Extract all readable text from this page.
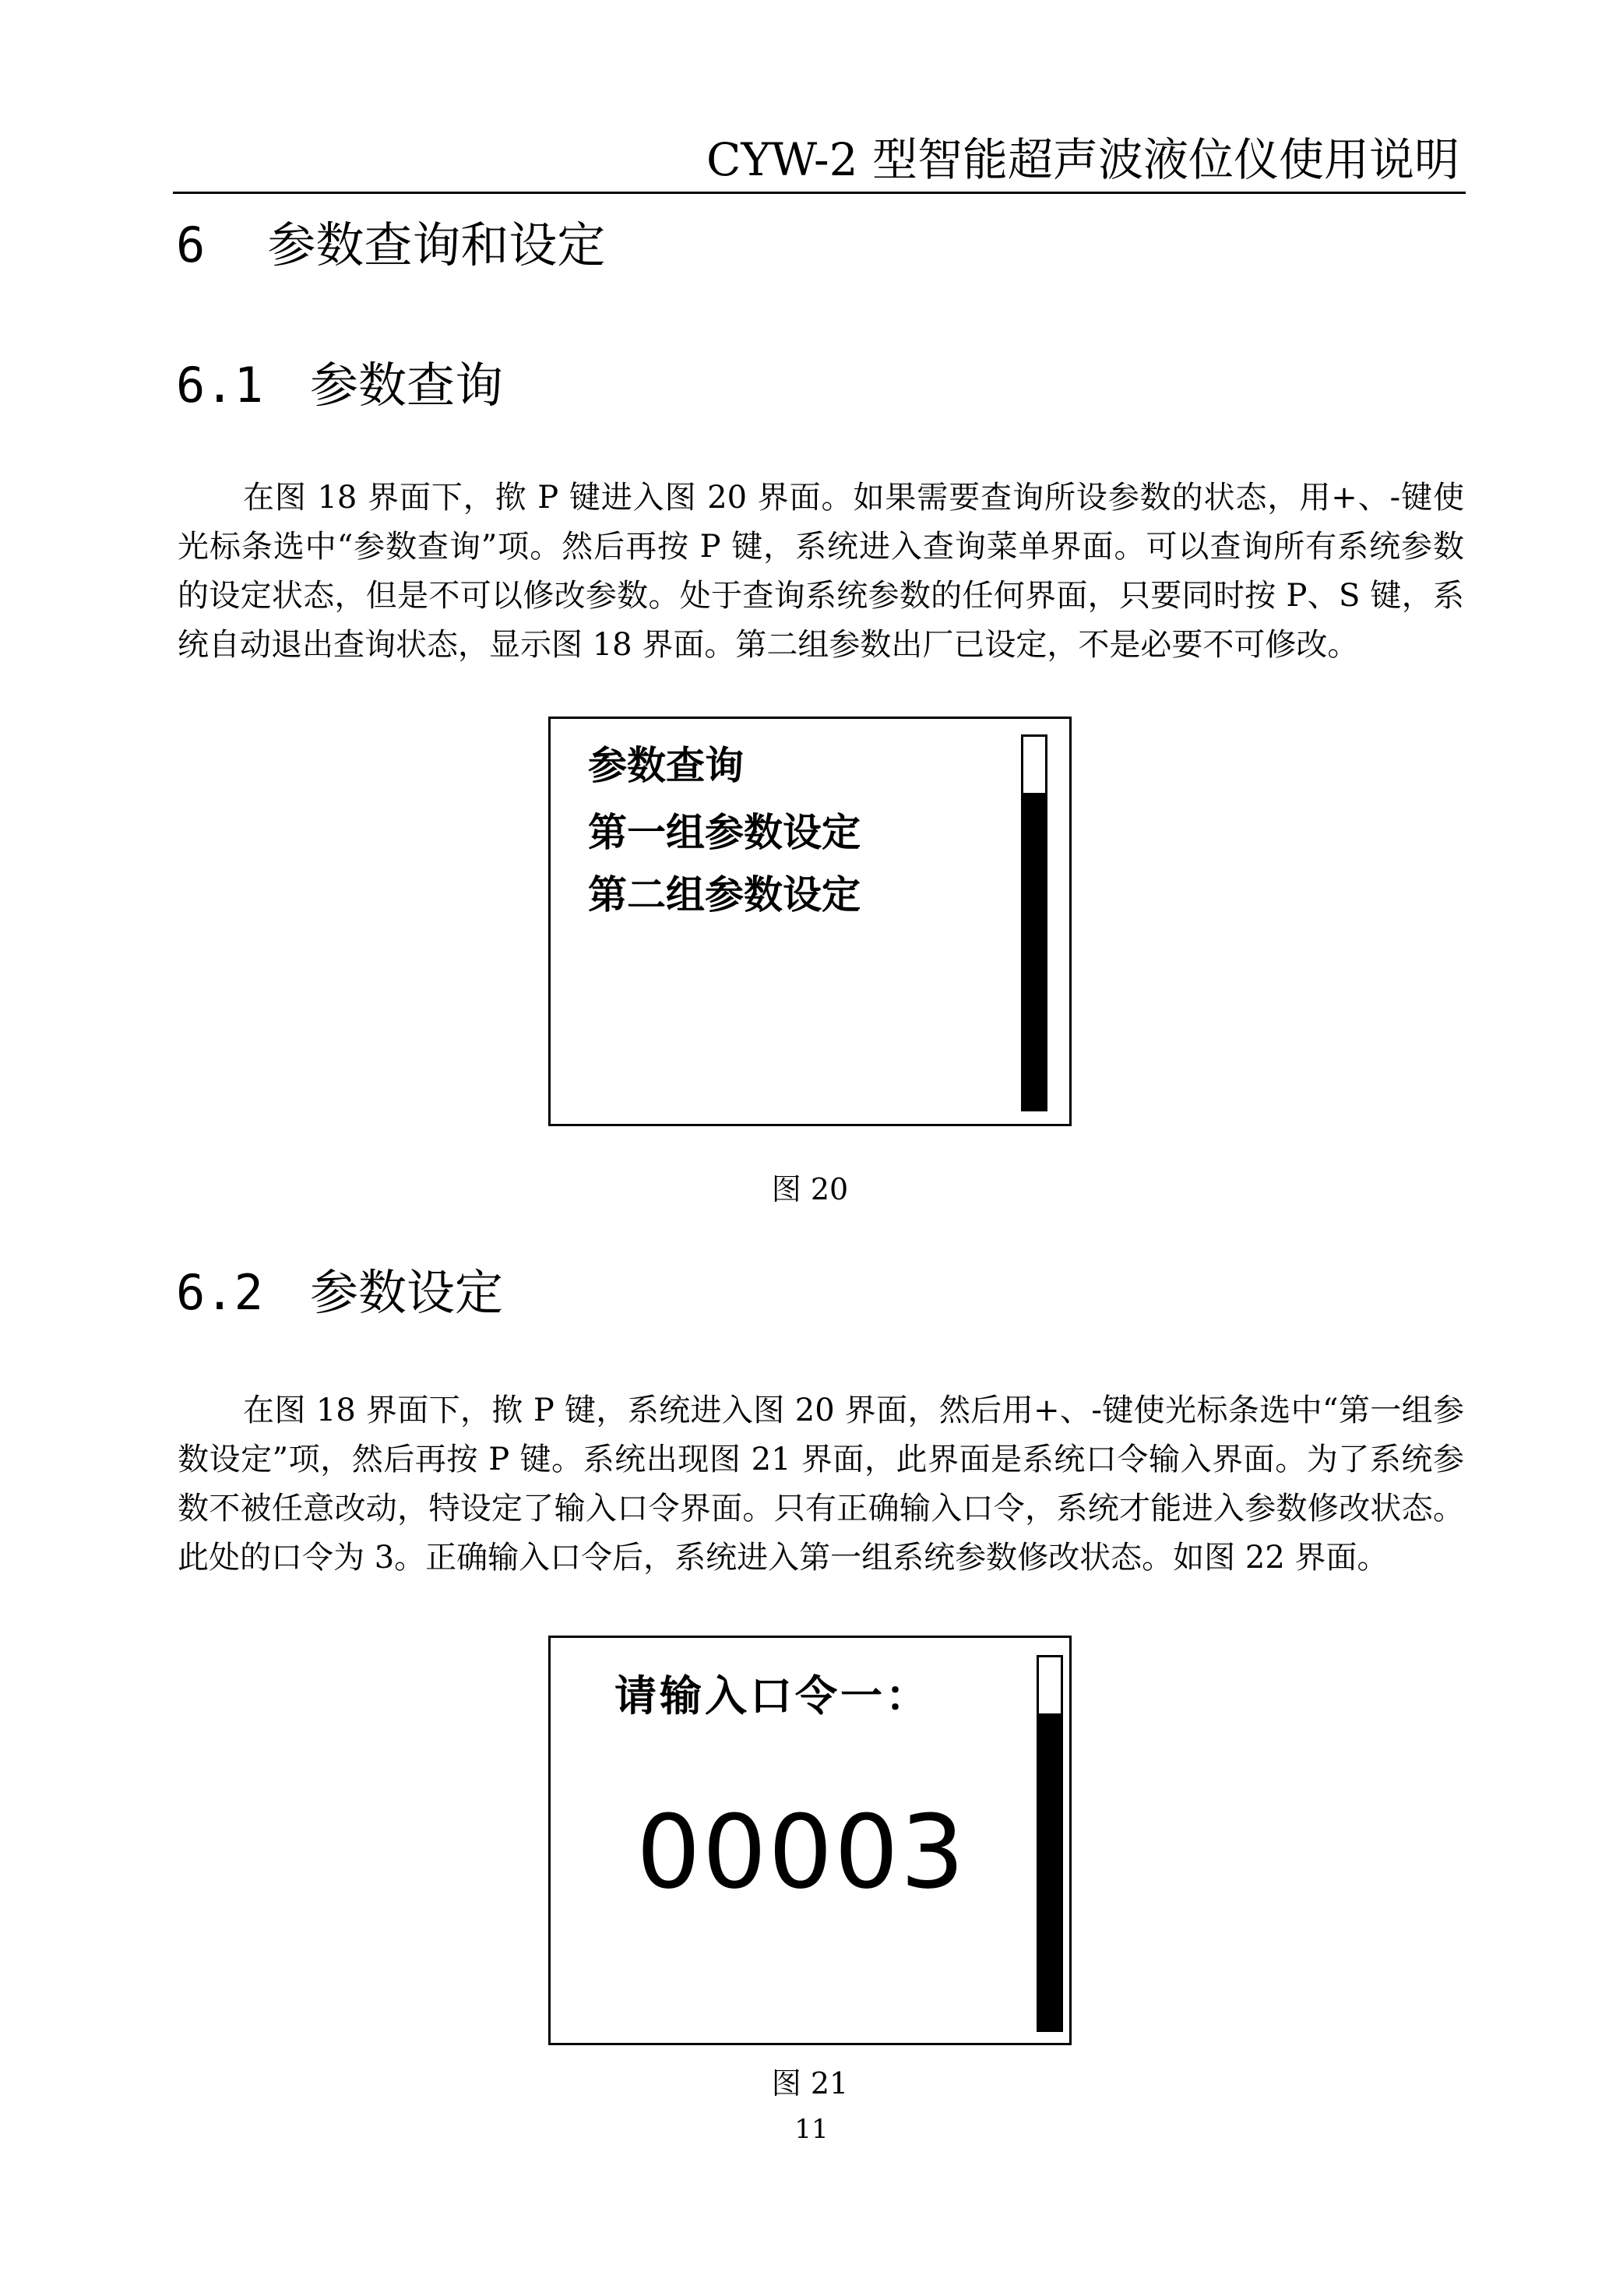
CYW-2 型智能超声波液位仪使用说明
6 参数查询和设定
6.1 参数查询

在图 18 界面下，揿 P 键进入图 20 界面。如果需要查询所设参数的状态，用+、-键使光标条选中“参数查询”项。然后再按 P 键，系统进入查询菜单界面。可以查询所有系统参数的设定状态，但是不可以修改参数。处于查询系统参数的任何界面，只要同时按 P、S 键，系统自动退出查询状态，显示图 18 界面。第二组参数出厂已设定，不是必要不可修改。

参数查询
第一组参数设定
第二组参数设定
图 20
6.2 参数设定

在图 18 界面下，揿 P 键，系统进入图 20 界面，然后用+、-键使光标条选中“第一组参数设定”项，然后再按 P 键。系统出现图 21 界面，此界面是系统口令输入界面。为了系统参数不被任意改动，特设定了输入口令界面。只有正确输入口令，系统才能进入参数修改状态。此处的口令为 3。正确输入口令后，系统进入第一组系统参数修改状态。如图 22 界面。

请输入口令一：
00003
图 21
11
